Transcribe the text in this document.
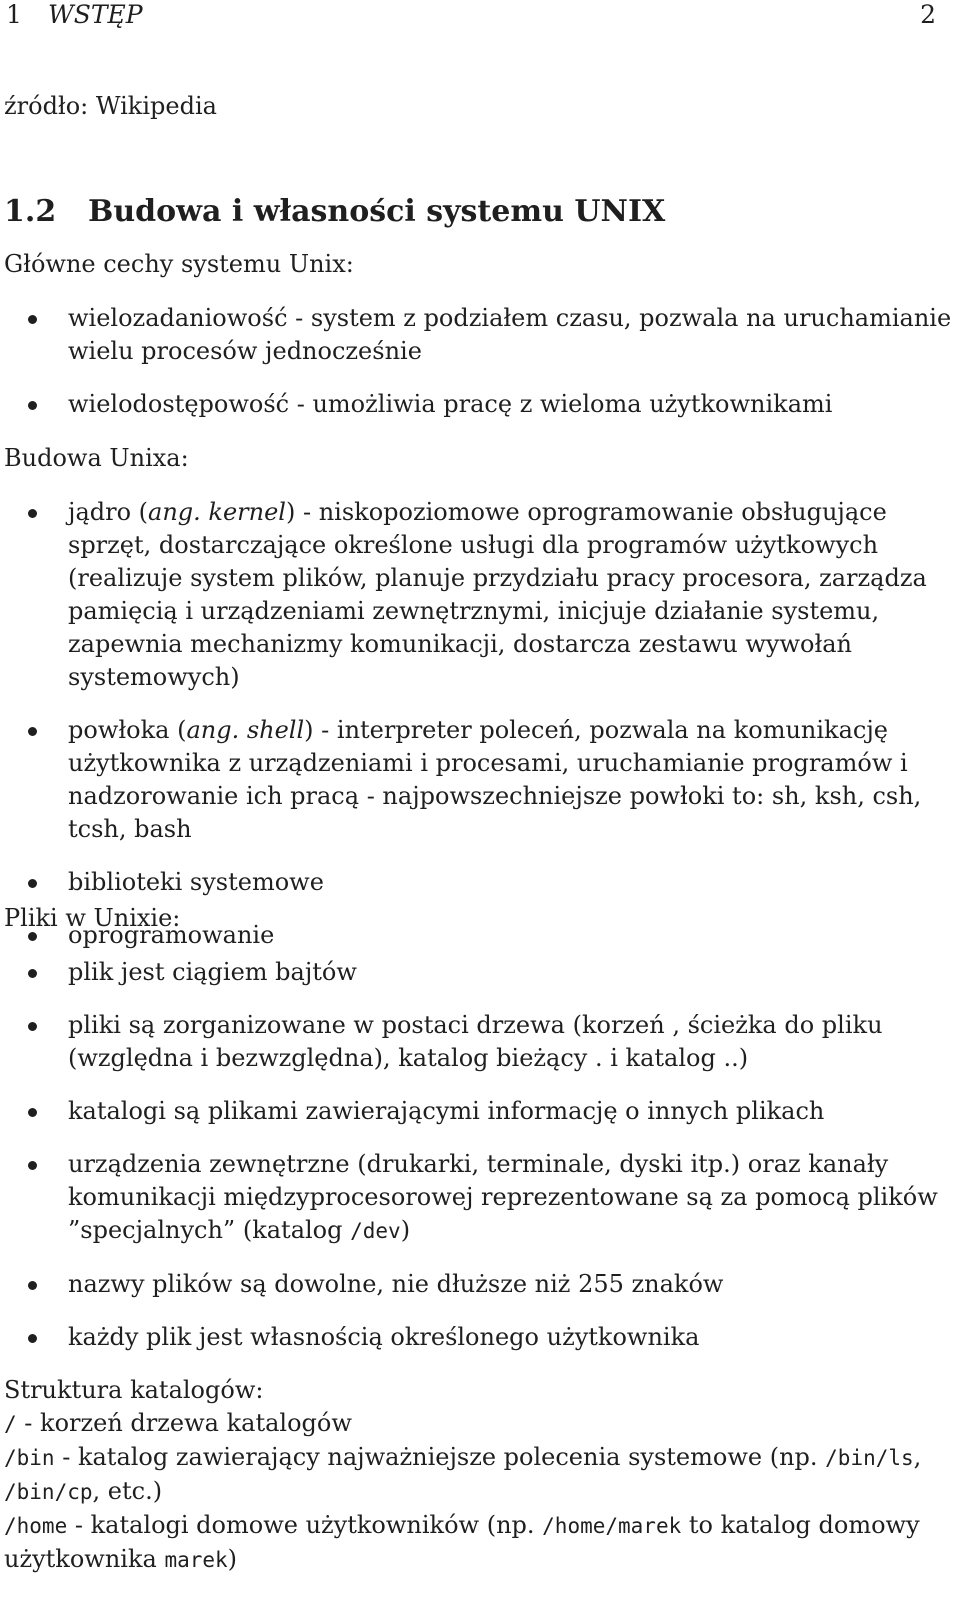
1 WSTĘP	2
źródło: Wikipedia
1.2 Budowa i własności systemu UNIX
Główne cechy systemu Unix:
wielozadaniowość - system z podziałem czasu, pozwala na uruchamianie wielu procesów jednocześnie
wielodostępowość - umożliwia pracę z wieloma użytkownikami
Budowa Unixa:
jądro (ang. kernel) - niskopoziomowe oprogramowanie obsługujące sprzęt, dostarczające określone usługi dla programów użytkowych (realizuje system plików, planuje przydziału pracy procesora, zarządza pamięcią i urządzeniami zewnętrznymi, inicjuje działanie systemu, zapewnia mechanizmy komunikacji, dostarcza zestawu wywołań systemowych)
powłoka (ang. shell) - interpreter poleceń, pozwala na komunikację użytkownika z urządzeniami i procesami, uruchamianie programów i nadzorowanie ich pracą - najpowszechniejsze powłoki to: sh, ksh, csh, tcsh, bash
biblioteki systemowe
oprogramowanie
Pliki w Unixie:
plik jest ciągiem bajtów
pliki są zorganizowane w postaci drzewa (korzeń , ścieżka do pliku (względna i bezwzględna), katalog bieżący . i katalog ..)
katalogi są plikami zawierającymi informację o innych plikach
urządzenia zewnętrzne (drukarki, terminale, dyski itp.) oraz kanały komunikacji międzyprocesorowej reprezentowane są za pomocą plików ”specjalnych” (katalog /dev)
nazwy plików są dowolne, nie dłuższe niż 255 znaków
każdy plik jest własnością określonego użytkownika

Struktura katalogów:

/ - korzeń drzewa katalogów

/bin - katalog zawierający najważniejsze polecenia systemowe (np. /bin/ls, /bin/cp, etc.)

/home - katalogi domowe użytkowników (np. /home/marek to katalog domowy użytkownika marek)
